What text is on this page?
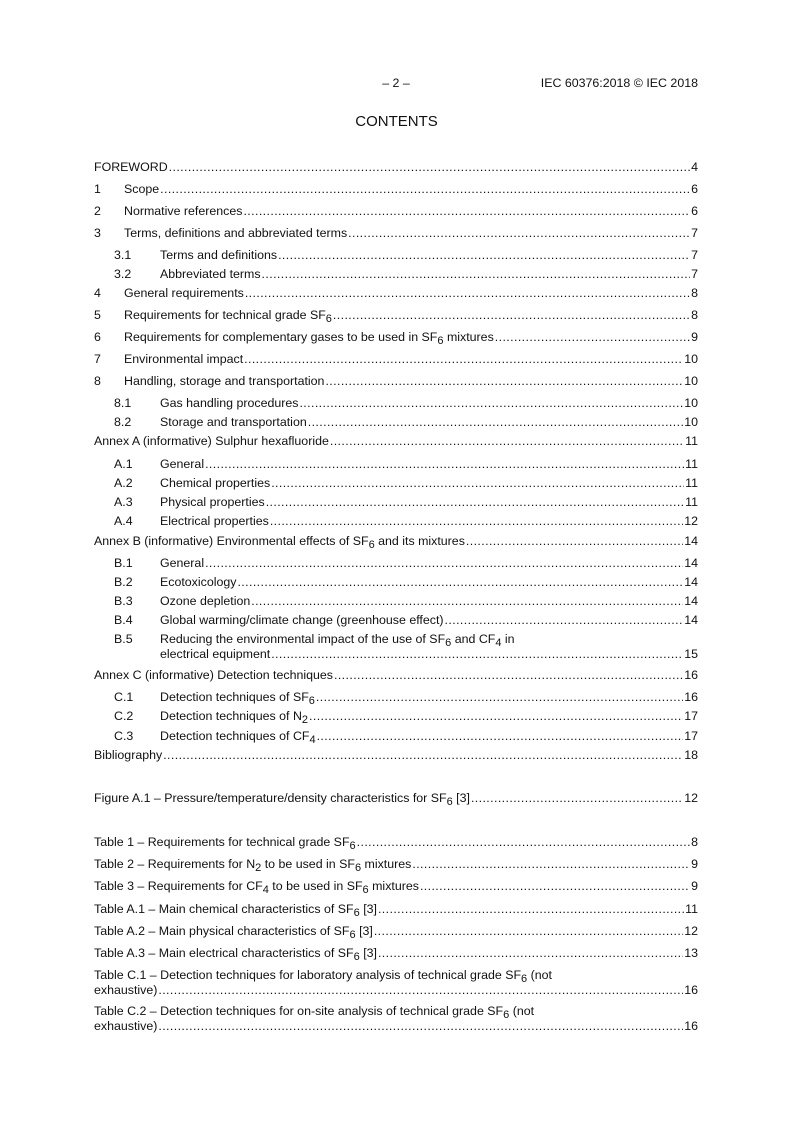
– 2 –	IEC 60376:2018 © IEC 2018
CONTENTS
FOREWORD .....	4
1	Scope .....	6
2	Normative references .....	6
3	Terms, definitions and abbreviated terms .....	7
3.1	Terms and definitions .....	7
3.2	Abbreviated terms .....	7
4	General requirements .....	8
5	Requirements for technical grade $SF_6$ .....	8
6	Requirements for complementary gases to be used in $SF_6$ mixtures .....	9
7	Environmental impact .....	10
8	Handling, storage and transportation .....	10
8.1	Gas handling procedures .....	10
8.2	Storage and transportation .....	10
Annex A (informative) Sulphur hexafluoride .....	11
A.1	General .....	11
A.2	Chemical properties .....	11
A.3	Physical properties .....	11
A.4	Electrical properties .....	12
Annex B (informative) Environmental effects of $SF_6$ and its mixtures .....	14
B.1	General .....	14
B.2	Ecotoxicology .....	14
B.3	Ozone depletion .....	14
B.4	Global warming/climate change (greenhouse effect) .....	14
B.5	Reducing the environmental impact of the use of $SF_6$ and $CF_4$ in
electrical equipment .....	15
Annex C (informative) Detection techniques .....	16
C.1	Detection techniques of $SF_6$ .....	16
C.2	Detection techniques of $N_2$ .....	17
C.3	Detection techniques of $CF_4$ .....	17
Bibliography .....	18
Figure A.1 – Pressure/temperature/density characteristics for $SF_6$ [3] .....	12
Table 1 – Requirements for technical grade $SF_6$ .....	8
Table 2 – Requirements for $N_2$ to be used in $SF_6$ mixtures .....	9
Table 3 – Requirements for $CF_4$ to be used in $SF_6$ mixtures .....	9
Table A.1 – Main chemical characteristics of $SF_6$ [3] .....	11
Table A.2 – Main physical characteristics of $SF_6$ [3] .....	12
Table A.3 – Main electrical characteristics of $SF_6$ [3] .....	13
Table C.1 – Detection techniques for laboratory analysis of technical grade $SF_6$ (not
exhaustive) .....	16
Table C.2 – Detection techniques for on-site analysis of technical grade $SF_6$ (not
exhaustive) .....	16
